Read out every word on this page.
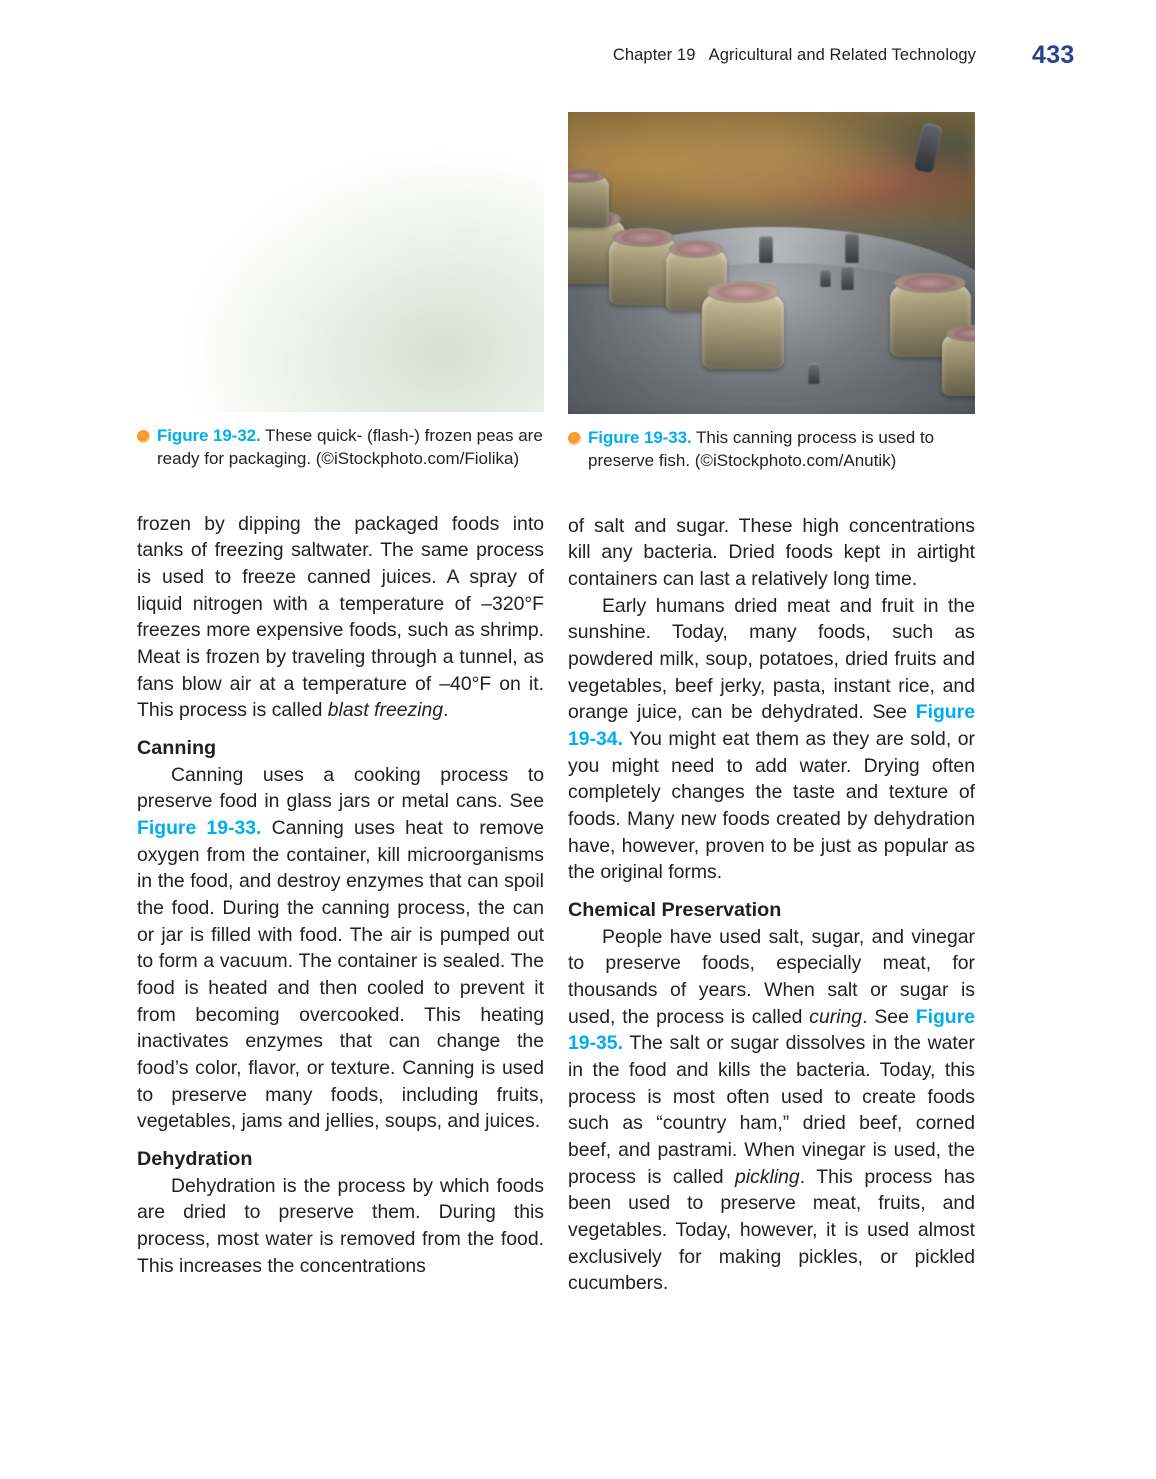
Chapter 19   Agricultural and Related Technology 433
Figure 19-32. These quick- (flash-) frozen peas are ready for packaging. (©iStockphoto.com/Fiolika)

frozen by dipping the packaged foods into tanks of freezing saltwater. The same process is used to freeze canned juices. A spray of liquid nitrogen with a temperature of –320°F freezes more expensive foods, such as shrimp. Meat is frozen by traveling through a tunnel, as fans blow air at a temperature of –40°F on it. This process is called blast freezing.

Canning

Canning uses a cooking process to preserve food in glass jars or metal cans. See Figure 19-33. Canning uses heat to remove oxygen from the container, kill microorganisms in the food, and destroy enzymes that can spoil the food. During the canning process, the can or jar is filled with food. The air is pumped out to form a vacuum. The container is sealed. The food is heated and then cooled to prevent it from becoming overcooked. This heating inactivates enzymes that can change the food’s color, flavor, or texture. Canning is used to preserve many foods, including fruits, vegetables, jams and jellies, soups, and juices.

Dehydration

Dehydration is the process by which foods are dried to preserve them. During this process, most water is removed from the food. This increases the concentrations

Figure 19-33. This canning process is used to preserve fish. (©iStockphoto.com/Anutik)

of salt and sugar. These high concentrations kill any bacteria. Dried foods kept in airtight containers can last a relatively long time.

Early humans dried meat and fruit in the sunshine. Today, many foods, such as powdered milk, soup, potatoes, dried fruits and vegetables, beef jerky, pasta, instant rice, and orange juice, can be dehydrated. See Figure 19-34. You might eat them as they are sold, or you might need to add water. Drying often completely changes the taste and texture of foods. Many new foods created by dehydration have, however, proven to be just as popular as the original forms.

Chemical Preservation

People have used salt, sugar, and vinegar to preserve foods, especially meat, for thousands of years. When salt or sugar is used, the process is called curing. See Figure 19-35. The salt or sugar dissolves in the water in the food and kills the bacteria. Today, this process is most often used to create foods such as “country ham,” dried beef, corned beef, and pastrami. When vinegar is used, the process is called pickling. This process has been used to preserve meat, fruits, and vegetables. Today, however, it is used almost exclusively for making pickles, or pickled cucumbers.
